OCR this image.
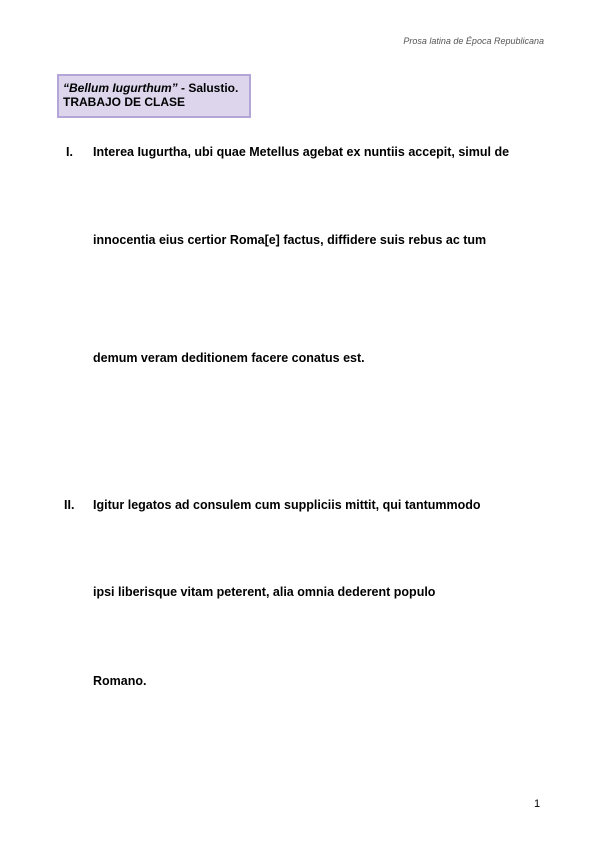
Prosa latina de Época Republicana
“Bellum Iugurthum” - Salustio.
TRABAJO DE CLASE
I. Interea Iugurtha, ubi quae Metellus agebat ex nuntiis accepit, simul de
innocentia eius certior Roma[e] factus, diffidere suis rebus ac tum
demum veram deditionem facere conatus est.
II. Igitur legatos ad consulem cum suppliciis mittit, qui tantummodo
ipsi liberisque vitam peterent, alia omnia dederent populo
Romano.
1
